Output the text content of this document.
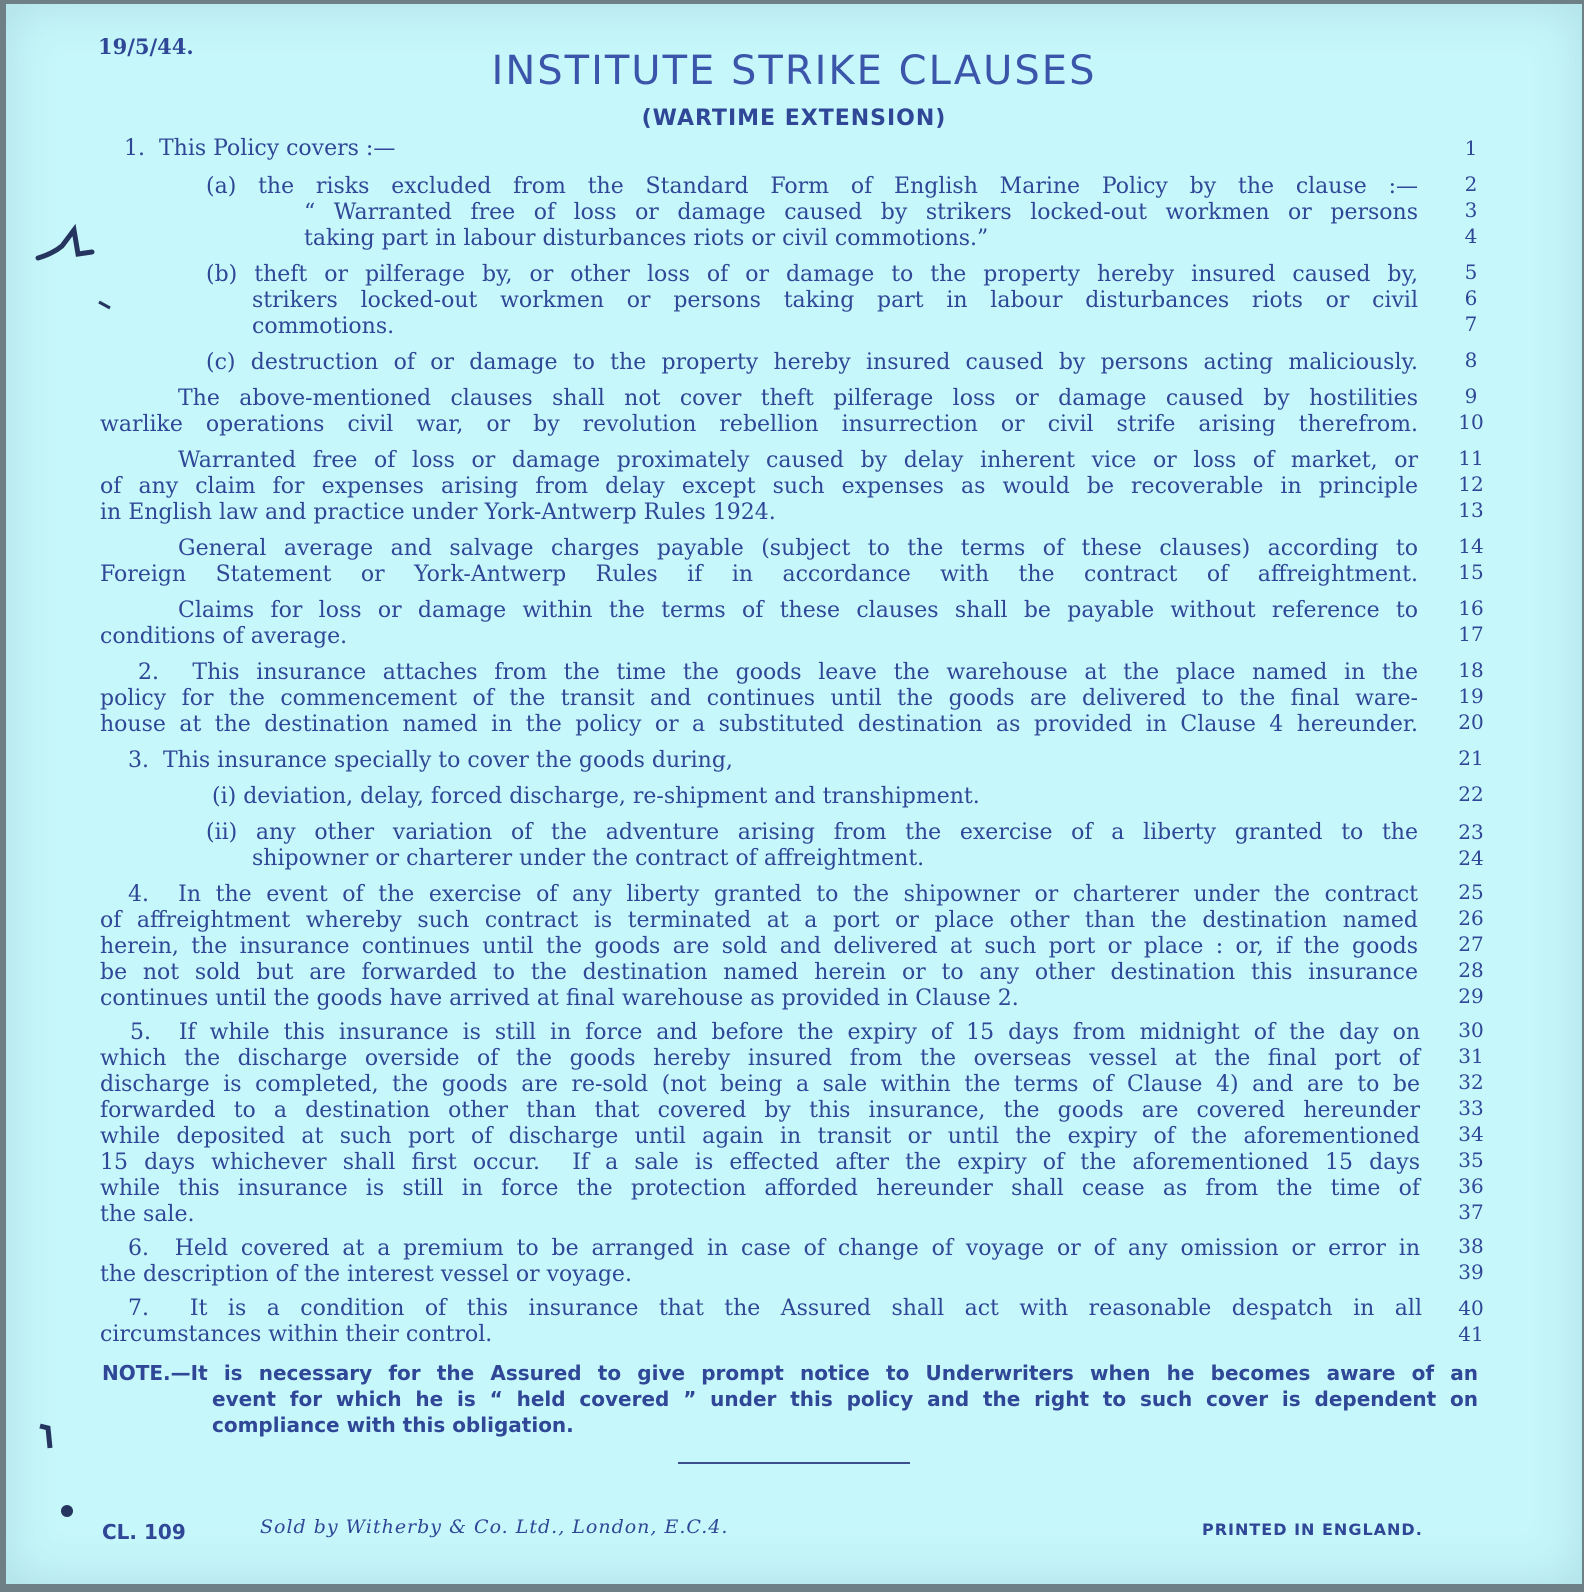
19/5/44.
INSTITUTE STRIKE CLAUSES
(WARTIME EXTENSION)
1.  This Policy covers :—	1
(a) the risks excluded from the Standard Form of English Marine Policy by the clause :—	2
“ Warranted free of loss or damage caused by strikers locked-out workmen or persons	3
taking part in labour disturbances riots or civil commotions.”	4
(b) theft or pilferage by, or other loss of or damage to the property hereby insured caused by,	5
strikers locked-out workmen or persons taking part in labour disturbances riots or civil	6
commotions.	7
(c) destruction of or damage to the property hereby insured caused by persons acting maliciously.	8
The above-mentioned clauses shall not cover theft pilferage loss or damage caused by hostilities	9
warlike operations civil war, or by revolution rebellion insurrection or civil strife arising therefrom.	10
Warranted free of loss or damage proximately caused by delay inherent vice or loss of market, or	11
of any claim for expenses arising from delay except such expenses as would be recoverable in principle	12
in English law and practice under York-Antwerp Rules 1924.	13
General average and salvage charges payable (subject to the terms of these clauses) according to	14
Foreign Statement or York-Antwerp Rules if in accordance with the contract of affreightment.	15
Claims for loss or damage within the terms of these clauses shall be payable without reference to	16
conditions of average.	17
2.  This insurance attaches from the time the goods leave the warehouse at the place named in the	18
policy for the commencement of the transit and continues until the goods are delivered to the final ware-	19
house at the destination named in the policy or a substituted destination as provided in Clause 4 hereunder.	20
3.  This insurance specially to cover the goods during,	21
(i) deviation, delay, forced discharge, re-shipment and transhipment.	22
(ii) any other variation of the adventure arising from the exercise of a liberty granted to the	23
shipowner or charterer under the contract of affreightment.	24
4.  In the event of the exercise of any liberty granted to the shipowner or charterer under the contract	25
of affreightment whereby such contract is terminated at a port or place other than the destination named	26
herein, the insurance continues until the goods are sold and delivered at such port or place : or, if the goods	27
be not sold but are forwarded to the destination named herein or to any other destination this insurance	28
continues until the goods have arrived at final warehouse as provided in Clause 2.	29
5.  If while this insurance is still in force and before the expiry of 15 days from midnight of the day on	30
which the discharge overside of the goods hereby insured from the overseas vessel at the final port of	31
discharge is completed, the goods are re-sold (not being a sale within the terms of Clause 4) and are to be	32
forwarded to a destination other than that covered by this insurance, the goods are covered hereunder	33
while deposited at such port of discharge until again in transit or until the expiry of the aforementioned	34
15 days whichever shall first occur.  If a sale is effected after the expiry of the aforementioned 15 days	35
while this insurance is still in force the protection afforded hereunder shall cease as from the time of	36
the sale.	37
6.  Held covered at a premium to be arranged in case of change of voyage or of any omission or error in	38
the description of the interest vessel or voyage.	39
7.  It is a condition of this insurance that the Assured shall act with reasonable despatch in all	40
circumstances within their control.	41
NOTE.—It is necessary for the Assured to give prompt notice to Underwriters when he becomes aware of an
event for which he is “ held covered ” under this policy and the right to such cover is dependent on
compliance with this obligation.
CL. 109	Sold by Witherby & Co. Ltd., London, E.C.4.	PRINTED IN ENGLAND.
